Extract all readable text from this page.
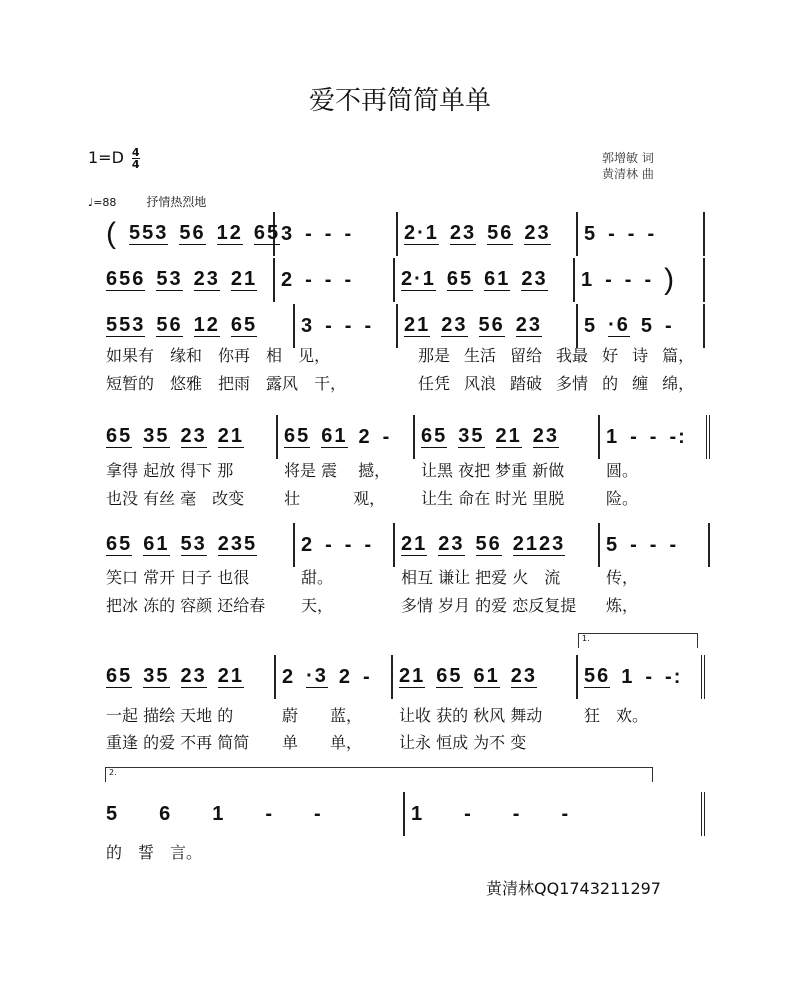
爱不再简简单单
$1=D \frac{4}{4}$	郭增敏 词
黄清林 曲
♩=88	抒情热烈地
( 553 56 12 65 3 - - -	2·1 23 56 23 5 - - -
656 53 23 21 2 - - - 2·1 65 61 23 1 - - - )
553 56 12 65 3 - - - 21 23 56 23 5 ·6 5 -
如果有 缘和 你再 相 见，	那是 生活 留给 我最 好 诗 篇，
短暂的 悠雅 把雨 露风 干，	任凭 风浪 踏破 多情 的 缠 绵，
65 35 23 21 65 61 2 - 65 35 21 23 1 - - -:
拿得 起放 得下 那	将是 震　 撼，	让黑 夜把 梦重 新做	圆。
也没 有丝 毫　改变	壮　　　 观，	让生 命在 时光 里脱	险。
65 61 53 235 2 - - - 21 23 56 2123 5 - - -
笑口 常开 日子 也很	甜。	相互 谦让 把爱 火　流	传，
把冰 冻的 容颜 还给春	天，	多情 岁月 的爱 恋反复提	炼，
65 35 23 21 2 ·3 2 - 21 65 61 23 56 1 - -:
一起 描绘 天地 的	蔚　　蓝，	让收 获的 秋风 舞动	狂　欢。
重逢 的爱 不再 简简	单　　单，	让永 恒成 为不 变
5 6 1 - -	1 - - -
的　誓　言。
1.
2.
黄清林QQ1743211297
